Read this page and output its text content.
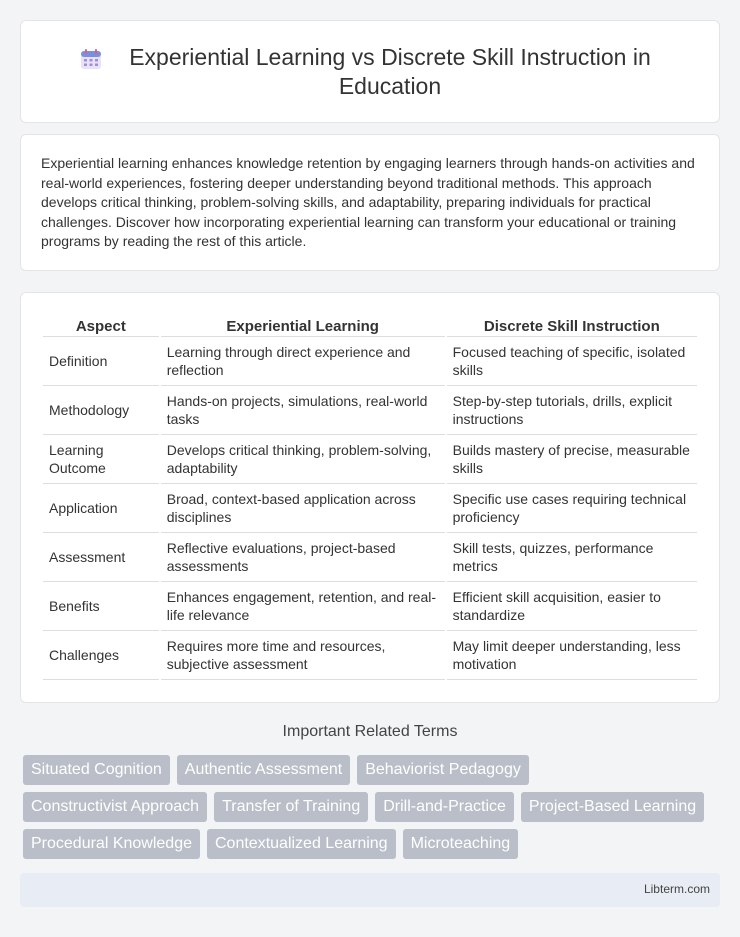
Experiential Learning vs Discrete Skill Instruction in Education

Experiential learning enhances knowledge retention by engaging learners through hands-on activities and real-world experiences, fostering deeper understanding beyond traditional methods. This approach develops critical thinking, problem-solving skills, and adaptability, preparing individuals for practical challenges. Discover how incorporating experiential learning can transform your educational or training programs by reading the rest of this article.

Aspect	Experiential Learning	Discrete Skill Instruction
Definition	Learning through direct experience and reflection	Focused teaching of specific, isolated skills
Methodology	Hands-on projects, simulations, real-world tasks	Step-by-step tutorials, drills, explicit instructions
Learning Outcome	Develops critical thinking, problem-solving, adaptability	Builds mastery of precise, measurable skills
Application	Broad, context-based application across disciplines	Specific use cases requiring technical proficiency
Assessment	Reflective evaluations, project-based assessments	Skill tests, quizzes, performance metrics
Benefits	Enhances engagement, retention, and real-life relevance	Efficient skill acquisition, easier to standardize
Challenges	Requires more time and resources, subjective assessment	May limit deeper understanding, less motivation
Important Related Terms
Situated Cognition	Authentic Assessment	Behaviorist Pedagogy
Constructivist Approach	Transfer of Training	Drill-and-Practice	Project-Based Learning
Procedural Knowledge	Contextualized Learning	Microteaching
Libterm.com
